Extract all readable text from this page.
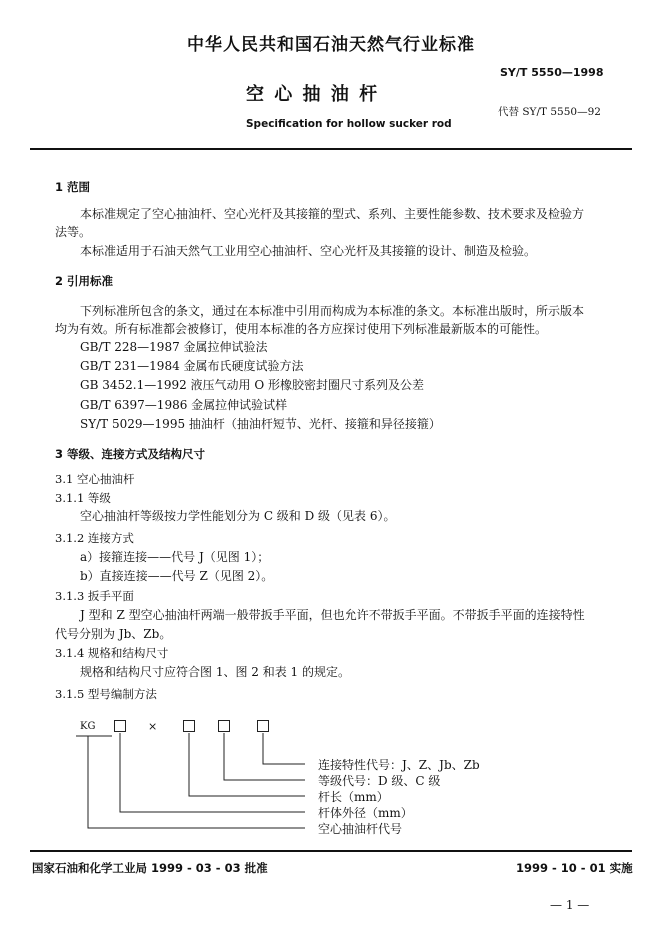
中华人民共和国石油天然气行业标准
SY/T 5550—1998
空 心 抽 油 杆
代替 SY/T 5550—92
Specification for hollow sucker rod
1 范围
本标准规定了空心抽油杆、空心光杆及其接箍的型式、系列、主要性能参数、技术要求及检验方
法等。
本标准适用于石油天然气工业用空心抽油杆、空心光杆及其接箍的设计、制造及检验。
2 引用标准
下列标准所包含的条文，通过在本标准中引用而构成为本标准的条文。本标准出版时，所示版本
均为有效。所有标准都会被修订，使用本标准的各方应探讨使用下列标准最新版本的可能性。
GB/T 228—1987 金属拉伸试验法
GB/T 231—1984 金属布氏硬度试验方法
GB 3452.1—1992 液压气动用 O 形橡胶密封圈尺寸系列及公差
GB/T 6397—1986 金属拉伸试验试样
SY/T 5029—1995 抽油杆（抽油杆短节、光杆、接箍和异径接箍）
3 等级、连接方式及结构尺寸
3.1 空心抽油杆
3.1.1 等级
空心抽油杆等级按力学性能划分为 C 级和 D 级（见表 6）。
3.1.2 连接方式
a）接箍连接——代号 J（见图 1）；
b）直接连接——代号 Z（见图 2）。
3.1.3 扳手平面
J 型和 Z 型空心抽油杆两端一般带扳手平面，但也允许不带扳手平面。不带扳手平面的连接特性
代号分别为 Jb、Zb。
3.1.4 规格和结构尺寸
规格和结构尺寸应符合图 1、图 2 和表 1 的规定。
3.1.5 型号编制方法
KG	×
连接特性代号：J、Z、Jb、Zb
等级代号：D 级、C 级
杆长（mm）
杆体外径（mm）
空心抽油杆代号
国家石油和化学工业局 1999 - 03 - 03 批准	1999 - 10 - 01 实施
— 1 —
